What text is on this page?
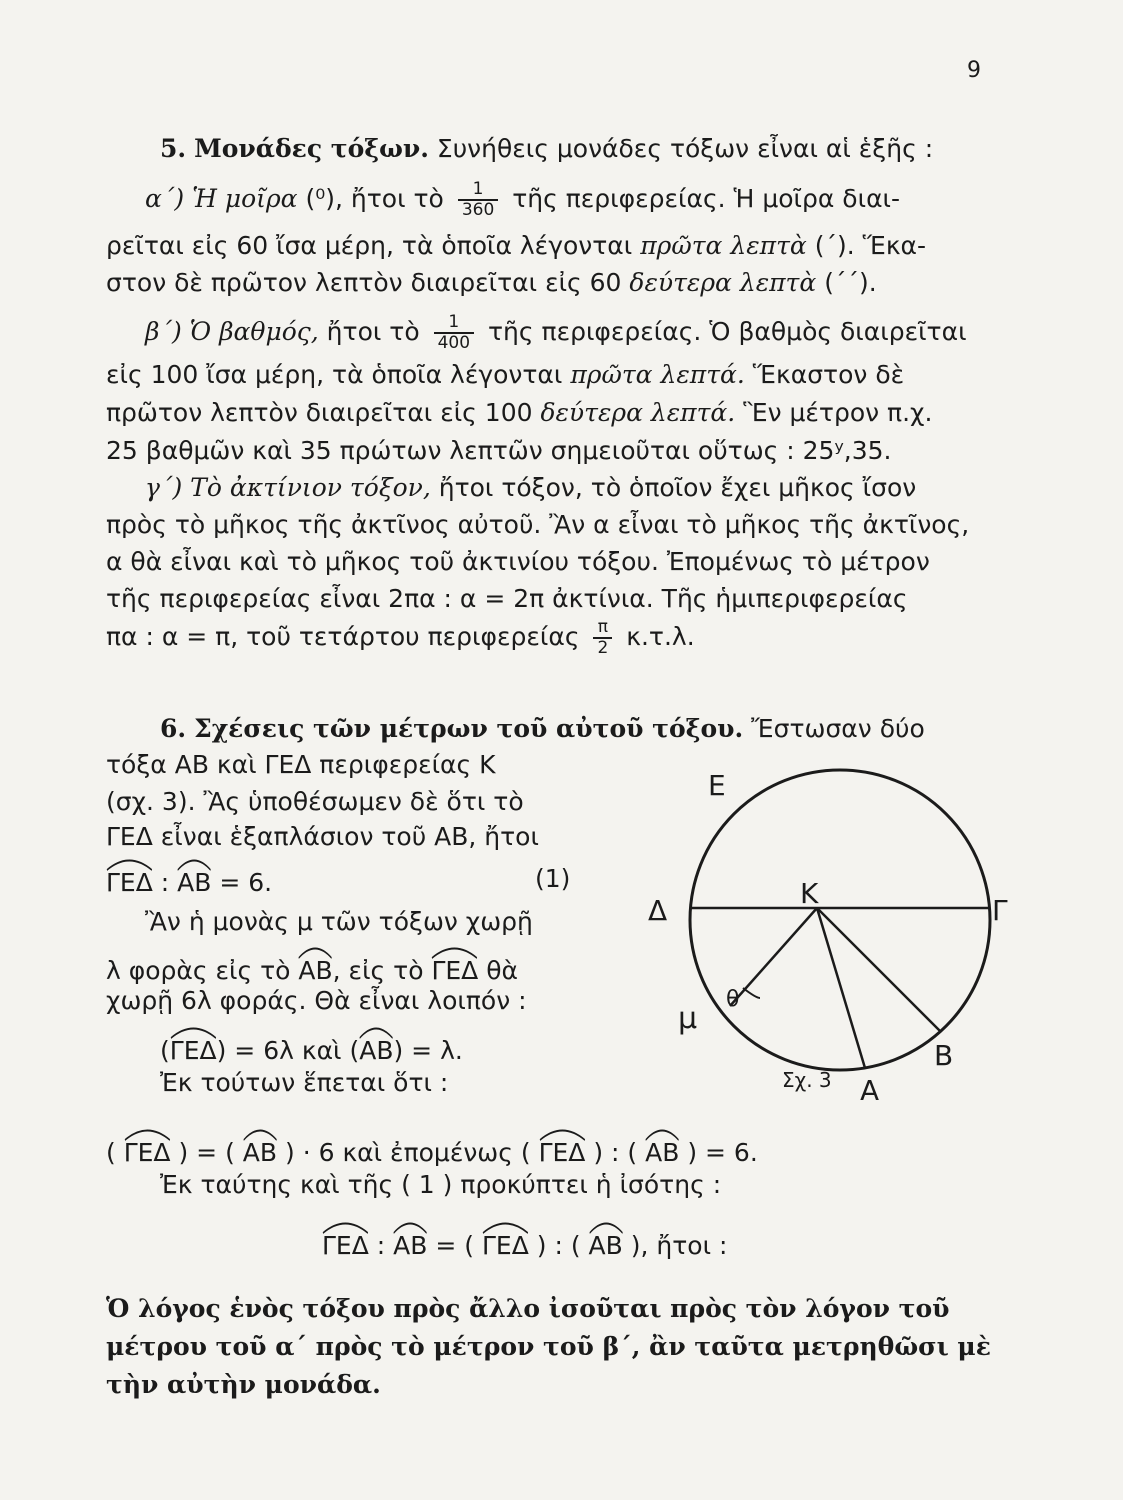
9
5. Μονάδες τόξων. Συνήθεις μονάδες τόξων εἶναι αἱ ἑξῆς :
α΄) Ἡ μοῖρα (⁰), ἤτοι τὸ $\frac{1}{360}$ τῆς περιφερείας. Ἡ μοῖρα διαι-
ρεῖται εἰς 60 ἴσα μέρη, τὰ ὁποῖα λέγονται πρῶτα λεπτὰ (΄). Ἕκα-
στον δὲ πρῶτον λεπτὸν διαιρεῖται εἰς 60 δεύτερα λεπτὰ (΄΄).
β΄) Ὁ βαθμός, ἤτοι τὸ $\frac{1}{400}$ τῆς περιφερείας. Ὁ βαθμὸς διαιρεῖται
εἰς 100 ἴσα μέρη, τὰ ὁποῖα λέγονται πρῶτα λεπτά. Ἕκαστον δὲ
πρῶτον λεπτὸν διαιρεῖται εἰς 100 δεύτερα λεπτά. Ἓν μέτρον π.χ.
25 βαθμῶν καὶ 35 πρώτων λεπτῶν σημειοῦται οὕτως : 25ʸ,35.
γ΄) Τὸ ἀκτίνιον τόξον, ἤτοι τόξον, τὸ ὁποῖον ἔχει μῆκος ἴσον
πρὸς τὸ μῆκος τῆς ἀκτῖνος αὐτοῦ. Ἂν α εἶναι τὸ μῆκος τῆς ἀκτῖνος,
α θὰ εἶναι καὶ τὸ μῆκος τοῦ ἀκτινίου τόξου. Ἐπομένως τὸ μέτρον
τῆς περιφερείας εἶναι 2πα : α = 2π ἀκτίνια. Τῆς ἡμιπεριφερείας
πα : α = π, τοῦ τετάρτου περιφερείας $\frac{\pi}{2} \kappa.\tau.\lambda$.
6. Σχέσεις τῶν μέτρων τοῦ αὐτοῦ τόξου. Ἔστωσαν δύο
τόξα ΑΒ καὶ ΓΕΔ περιφερείας Κ
(σχ. 3). Ἂς ὑποθέσωμεν δὲ ὅτι τὸ
ΓΕΔ εἶναι ἑξαπλάσιον τοῦ ΑΒ, ἤτοι
ΓΕΔ :
ΑΒ = 6.	(1)
Ἂν ἡ μονὰς μ τῶν τόξων χωρῇ
λ φορὰς εἰς τὸ
ΑΒ, εἰς τὸ
ΓΕΔ θὰ
χωρῇ 6λ φοράς. Θὰ εἶναι λοιπόν :
(
ΓΕΔ) = 6λ καὶ (
ΑΒ) = λ.
Ἐκ τούτων ἕπεται ὅτι :
(
ΓΕΔ ) = (
ΑΒ ) · 6 καὶ ἐπομένως (
ΓΕΔ ) : (
ΑΒ ) = 6.
Ἐκ ταύτης καὶ τῆς ( 1 ) προκύπτει ἡ ἰσότης :
ΓΕΔ :
ΑΒ = (
ΓΕΔ ) : (
ΑΒ ), ἤτοι :
Ὁ λόγος ἑνὸς τόξου πρὸς ἄλλο ἰσοῦται πρὸς τὸν λόγον τοῦ μέτρου τοῦ α΄ πρὸς τὸ μέτρον τοῦ β΄, ἂν ταῦτα μετρηθῶσι μὲ τὴν αὐτὴν μονάδα.
Ε
Δ	Γ
Κ
Β
Α
μ
θ
Σχ. 3
